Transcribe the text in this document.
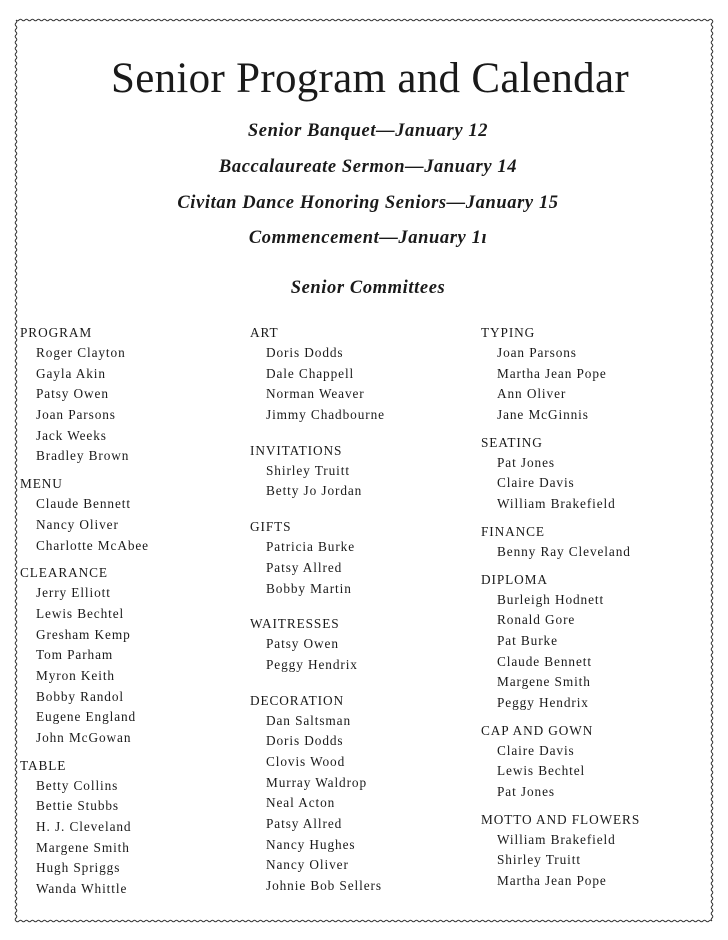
Senior Program and Calendar
Senior Banquet—January 12
Baccalaureate Sermon—January 14
Civitan Dance Honoring Seniors—January 15
Commencement—January 1ı
Senior Committees
PROGRAM
Roger Clayton
Gayla Akin
Patsy Owen
Joan Parsons
Jack Weeks
Bradley Brown
MENU
Claude Bennett
Nancy Oliver
Charlotte McAbee
CLEARANCE
Jerry Elliott
Lewis Bechtel
Gresham Kemp
Tom Parham
Myron Keith
Bobby Randol
Eugene England
John McGowan
TABLE
Betty Collins
Bettie Stubbs
H. J. Cleveland
Margene Smith
Hugh Spriggs
Wanda Whittle
ART
Doris Dodds
Dale Chappell
Norman Weaver
Jimmy Chadbourne
INVITATIONS
Shirley Truitt
Betty Jo Jordan
GIFTS
Patricia Burke
Patsy Allred
Bobby Martin
WAITRESSES
Patsy Owen
Peggy Hendrix
DECORATION
Dan Saltsman
Doris Dodds
Clovis Wood
Murray Waldrop
Neal Acton
Patsy Allred
Nancy Hughes
Nancy Oliver
Johnie Bob Sellers
TYPING
Joan Parsons
Martha Jean Pope
Ann Oliver
Jane McGinnis
SEATING
Pat Jones
Claire Davis
William Brakefield
FINANCE
Benny Ray Cleveland
DIPLOMA
Burleigh Hodnett
Ronald Gore
Pat Burke
Claude Bennett
Margene Smith
Peggy Hendrix
CAP AND GOWN
Claire Davis
Lewis Bechtel
Pat Jones
MOTTO AND FLOWERS
William Brakefield
Shirley Truitt
Martha Jean Pope
